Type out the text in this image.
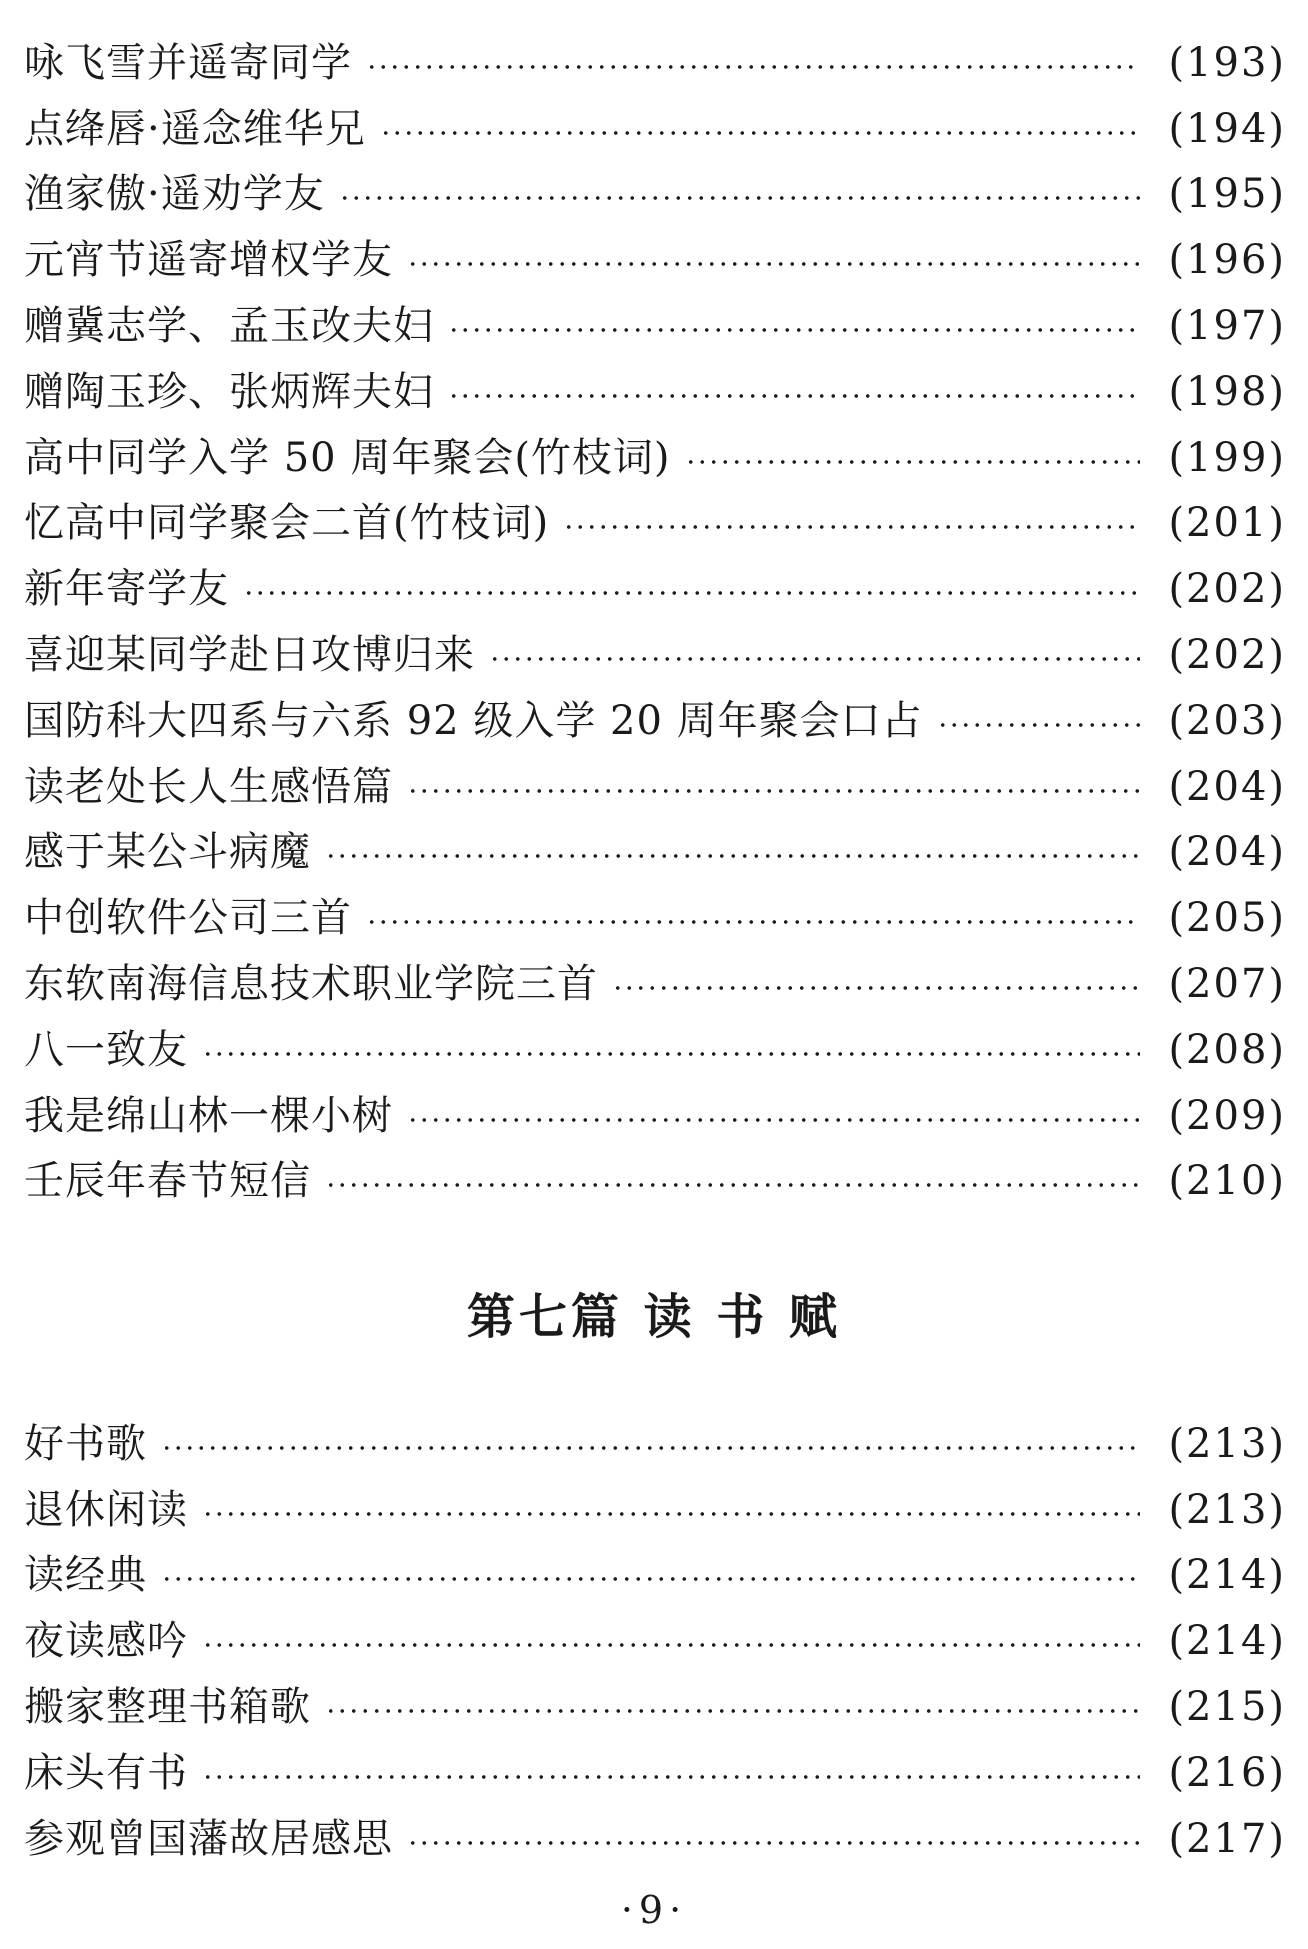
咏飞雪并遥寄同学	(193)
点绛唇·遥念维华兄	(194)
渔家傲·遥劝学友	(195)
元宵节遥寄增权学友	(196)
赠冀志学、孟玉改夫妇	(197)
赠陶玉珍、张炳辉夫妇	(198)
高中同学入学 50 周年聚会(竹枝词)	(199)
忆高中同学聚会二首(竹枝词)	(201)
新年寄学友	(202)
喜迎某同学赴日攻博归来	(202)
国防科大四系与六系 92 级入学 20 周年聚会口占	(203)
读老处长人生感悟篇	(204)
感于某公斗病魔	(204)
中创软件公司三首	(205)
东软南海信息技术职业学院三首	(207)
八一致友	(208)
我是绵山林一棵小树	(209)
壬辰年春节短信	(210)
第七篇 读 书 赋
好书歌	(213)
退休闲读	(213)
读经典	(214)
夜读感吟	(214)
搬家整理书箱歌	(215)
床头有书	(216)
参观曾国藩故居感思	(217)
·9·
